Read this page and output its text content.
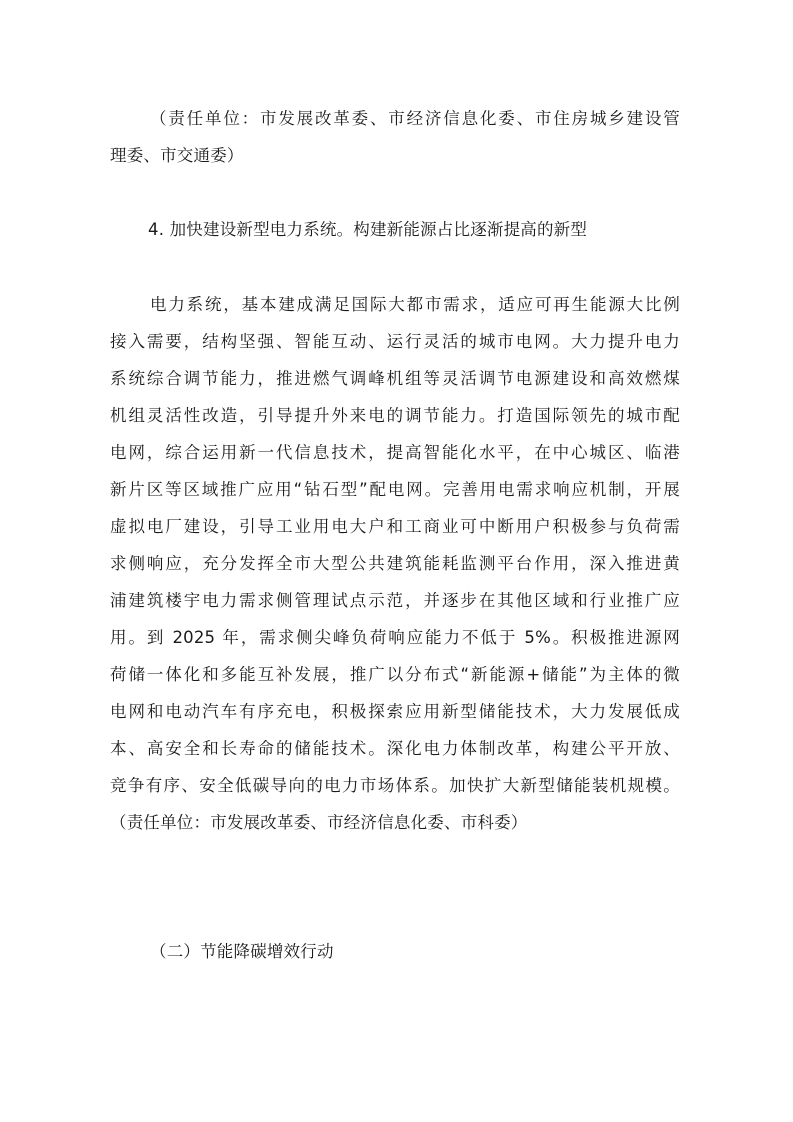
（责任单位：市发展改革委、市经济信息化委、市住房城乡建设管
理委、市交通委）
4. 加快建设新型电力系统。构建新能源占比逐渐提高的新型
电力系统，基本建成满足国际大都市需求，适应可再生能源大比例
接入需要，结构坚强、智能互动、运行灵活的城市电网。大力提升电力
系统综合调节能力，推进燃气调峰机组等灵活调节电源建设和高效燃煤
机组灵活性改造，引导提升外来电的调节能力。打造国际领先的城市配
电网，综合运用新一代信息技术，提高智能化水平，在中心城区、临港
新片区等区域推广应用“钻石型”配电网。完善用电需求响应机制，开展
虚拟电厂建设，引导工业用电大户和工商业可中断用户积极参与负荷需
求侧响应，充分发挥全市大型公共建筑能耗监测平台作用，深入推进黄
浦建筑楼宇电力需求侧管理试点示范，并逐步在其他区域和行业推广应
用。到 2025 年，需求侧尖峰负荷响应能力不低于 5%。积极推进源网
荷储一体化和多能互补发展，推广以分布式“新能源+储能”为主体的微
电网和电动汽车有序充电，积极探索应用新型储能技术，大力发展低成
本、高安全和长寿命的储能技术。深化电力体制改革，构建公平开放、
竞争有序、安全低碳导向的电力市场体系。加快扩大新型储能装机规模。
（责任单位：市发展改革委、市经济信息化委、市科委）
（二）节能降碳增效行动
